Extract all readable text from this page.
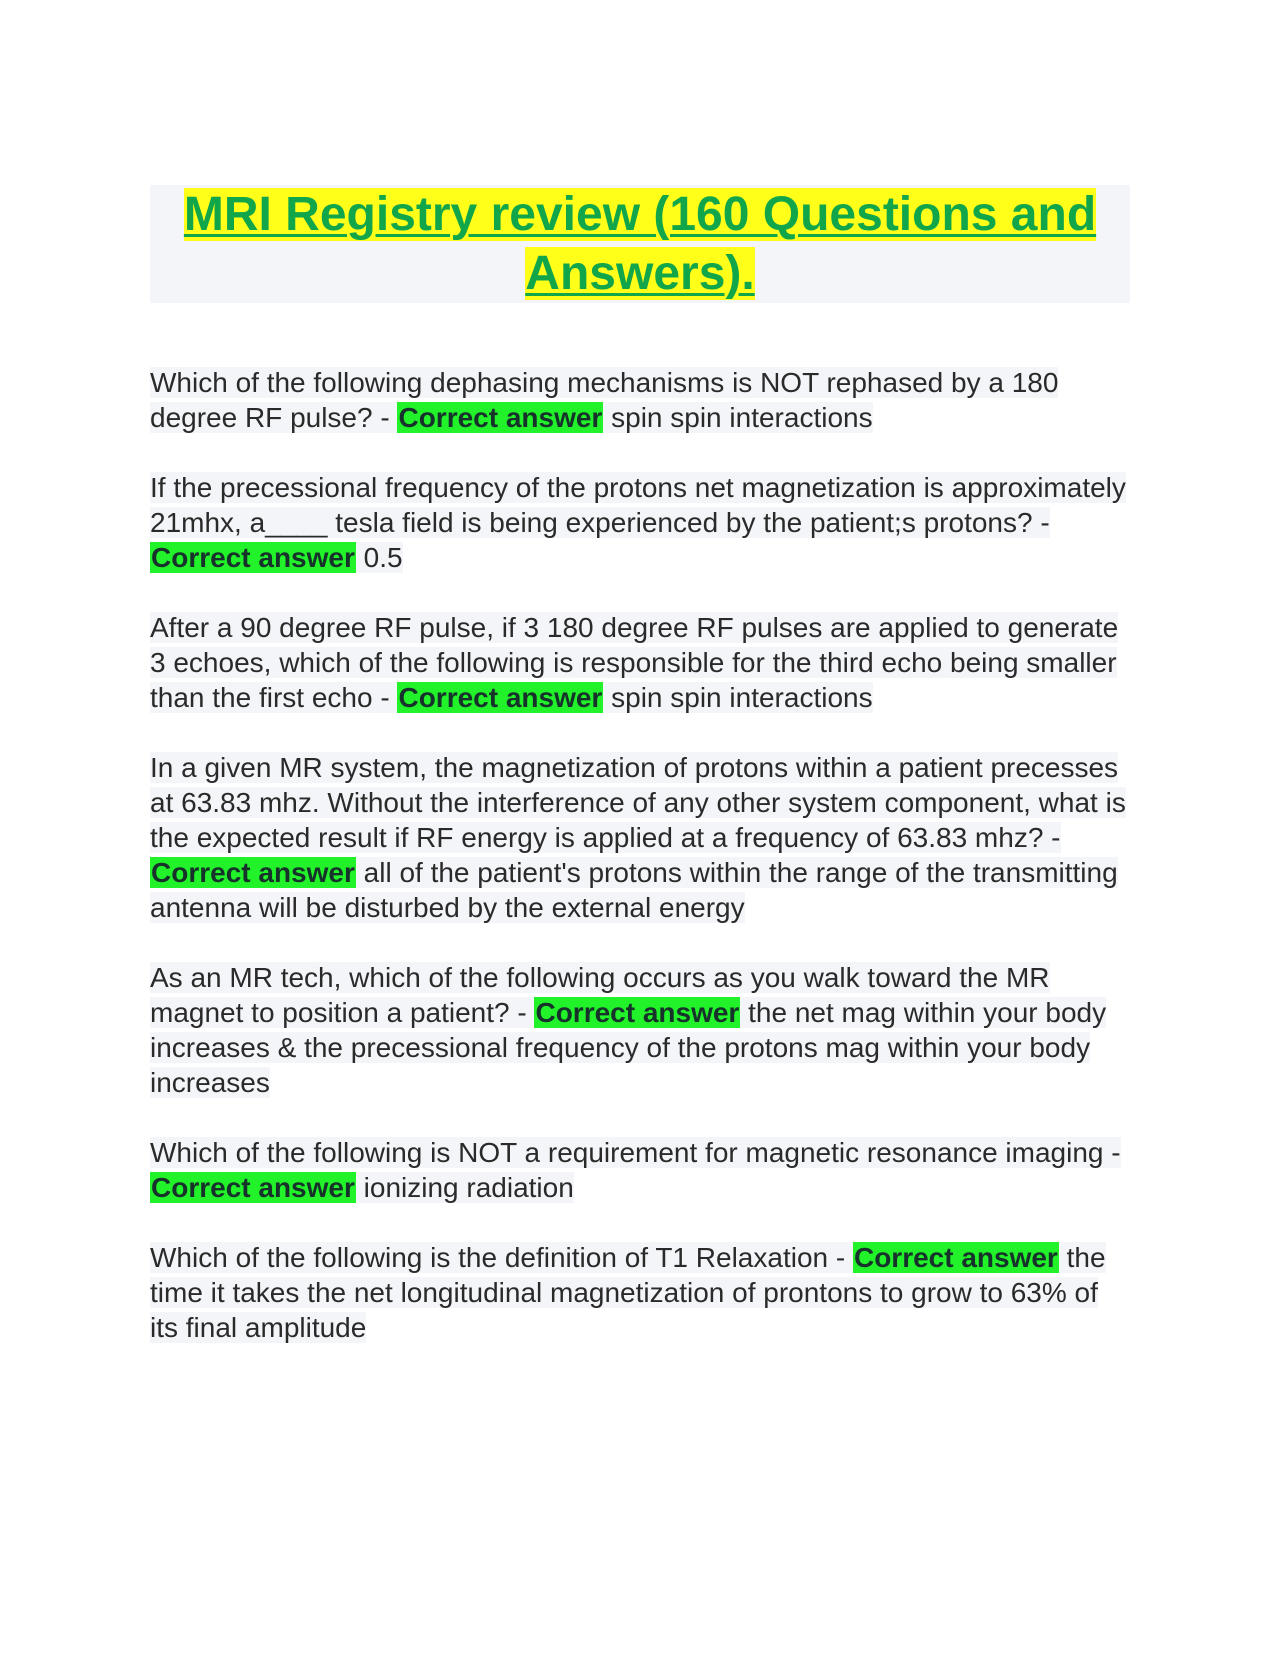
MRI Registry review (160 Questions and
Answers).

Which of the following dephasing mechanisms is NOT rephased by a 180 degree RF pulse? - Correct answer spin spin interactions

If the precessional frequency of the protons net magnetization is approximately 21mhx, a____ tesla field is being experienced by the patient;s protons? - Correct answer 0.5

After a 90 degree RF pulse, if 3 180 degree RF pulses are applied to generate 3 echoes, which of the following is responsible for the third echo being smaller than the first echo - Correct answer spin spin interactions

In a given MR system, the magnetization of protons within a patient precesses at 63.83 mhz. Without the interference of any other system component, what is the expected result if RF energy is applied at a frequency of 63.83 mhz? - Correct answer all of the patient's protons within the range of the transmitting antenna will be disturbed by the external energy

As an MR tech, which of the following occurs as you walk toward the MR magnet to position a patient? - Correct answer the net mag within your body increases & the precessional frequency of the protons mag within your body increases

Which of the following is NOT a requirement for magnetic resonance imaging - Correct answer ionizing radiation

Which of the following is the definition of T1 Relaxation - Correct answer the time it takes the net longitudinal magnetization of prontons to grow to 63% of its final amplitude
